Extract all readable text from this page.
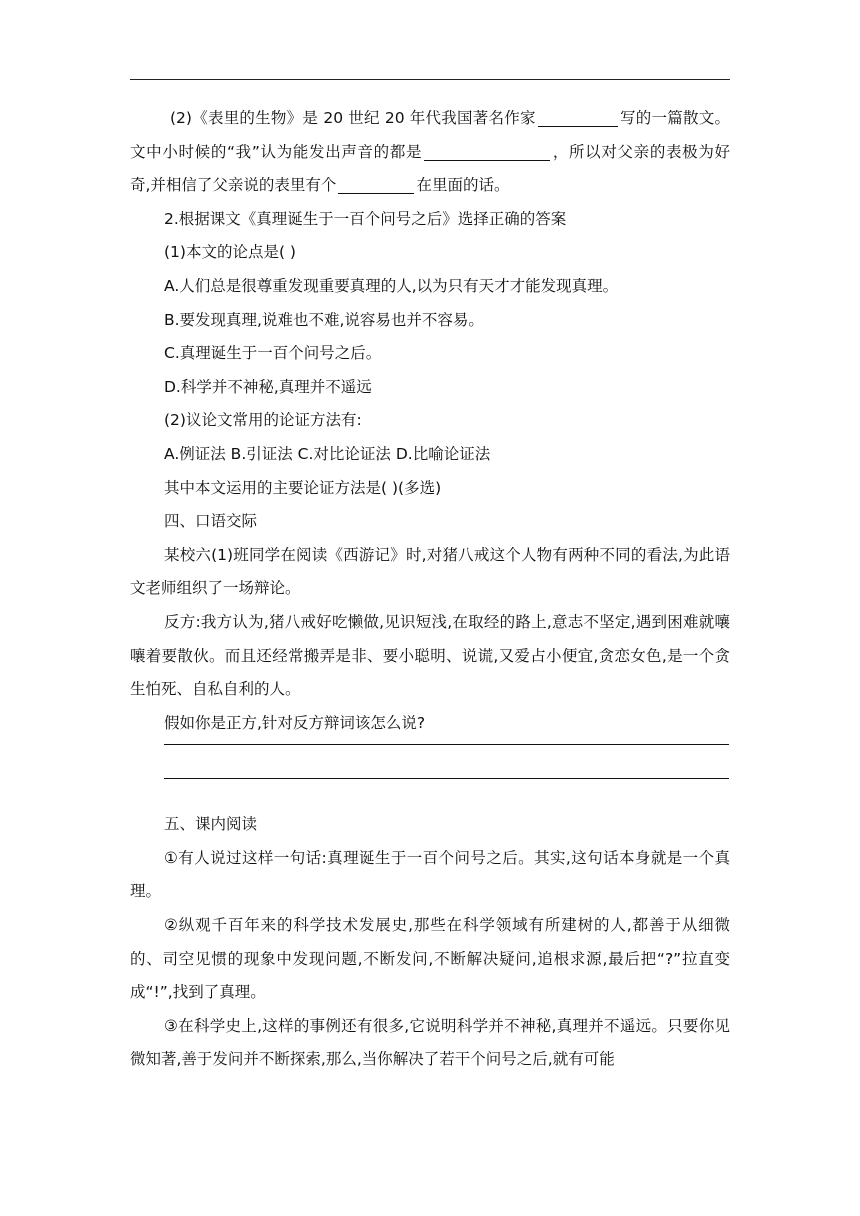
(2)《表里的生物》是 20 世纪 20 年代我国著名作家	写的一篇散文。文中小时候的“我”认为能发出声音的都是	，所以对父亲的表极为好奇,并相信了父亲说的表里有个	在里面的话。

2.根据课文《真理诞生于一百个问号之后》选择正确的答案

(1)本文的论点是( )

A.人们总是很尊重发现重要真理的人,以为只有天才才能发现真理。

B.要发现真理,说难也不难,说容易也并不容易。

C.真理诞生于一百个问号之后。

D.科学并不神秘,真理并不遥远

(2)议论文常用的论证方法有:

A.例证法 B.引证法 C.对比论证法 D.比喻论证法

其中本文运用的主要论证方法是( )(多选)

四、口语交际

某校六(1)班同学在阅读《西游记》时,对猪八戒这个人物有两种不同的看法,为此语文老师组织了一场辩论。

反方:我方认为,猪八戒好吃懒做,见识短浅,在取经的路上,意志不坚定,遇到困难就嚷嚷着要散伙。而且还经常搬弄是非、要小聪明、说谎,又爱占小便宜,贪恋女色,是一个贪生怕死、自私自利的人。

假如你是正方,针对反方辩词该怎么说?

五、课内阅读

①有人说过这样一句话:真理诞生于一百个问号之后。其实,这句话本身就是一个真理。

②纵观千百年来的科学技术发展史,那些在科学领域有所建树的人,都善于从细微的、司空见惯的现象中发现问题,不断发问,不断解决疑问,追根求源,最后把“?”拉直变成“!”,找到了真理。

③在科学史上,这样的事例还有很多,它说明科学并不神秘,真理并不遥远。只要你见微知著,善于发问并不断探索,那么,当你解决了若干个问号之后,就有可能
